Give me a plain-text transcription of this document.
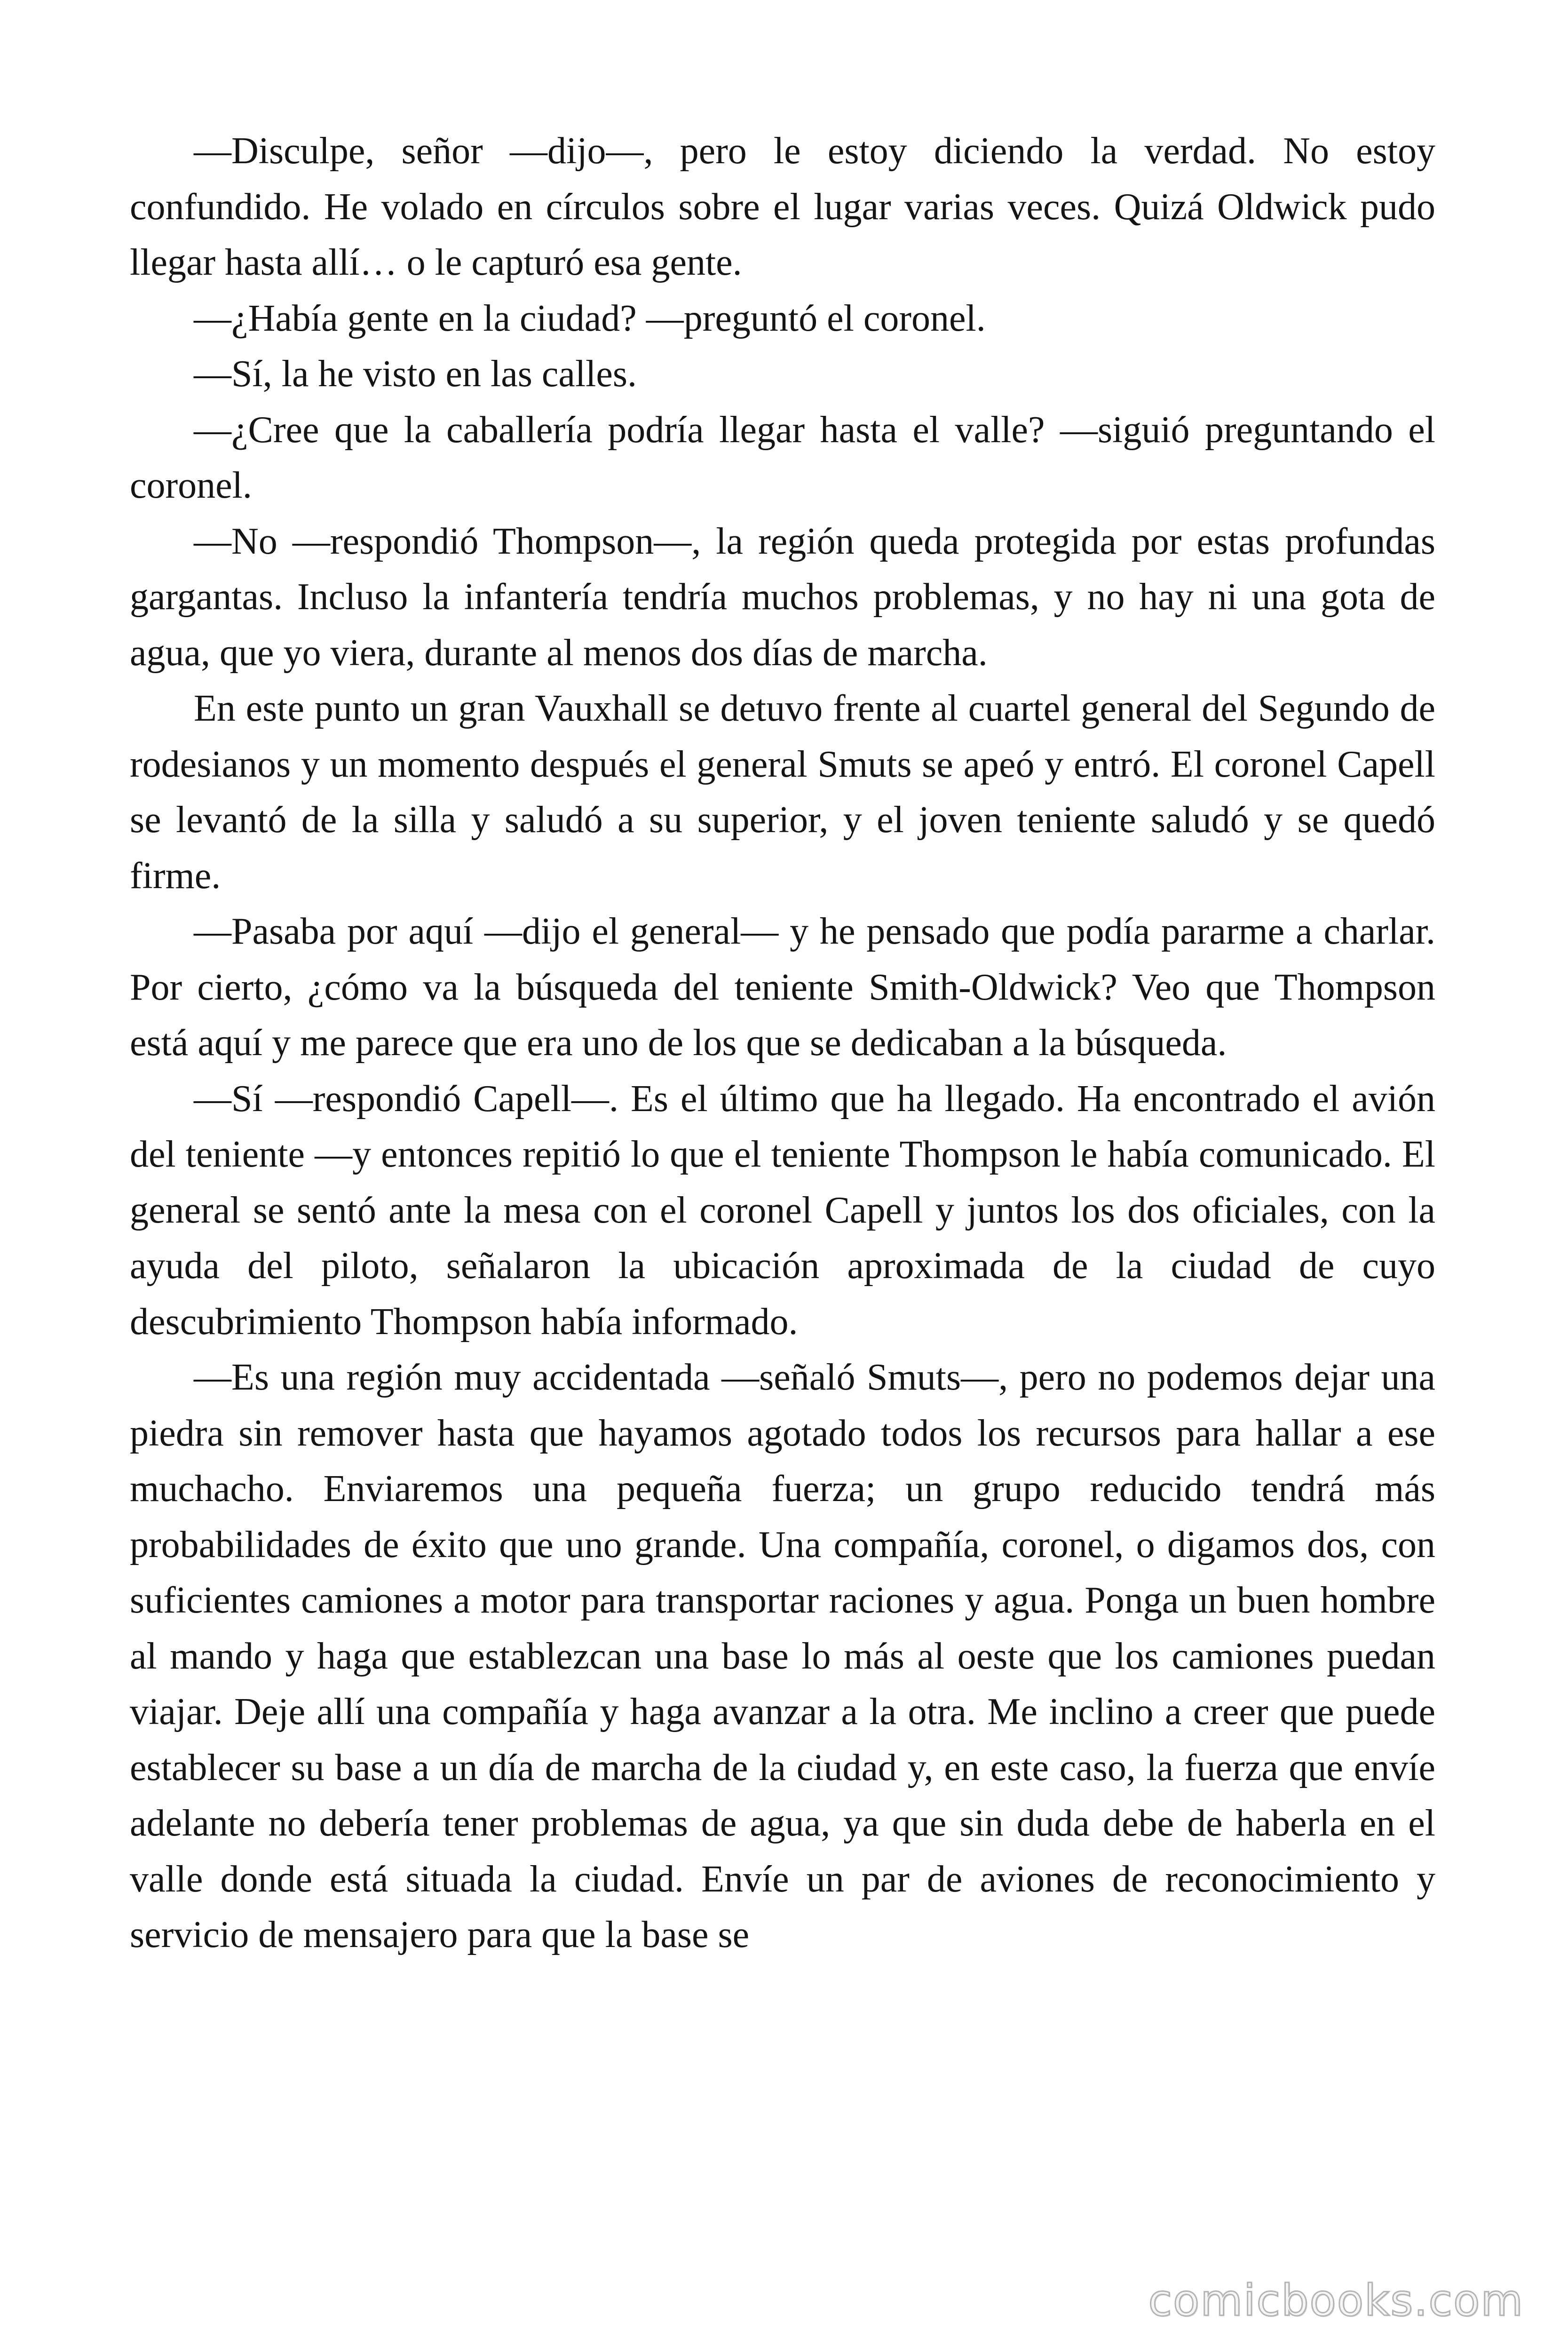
—Disculpe, señor —dijo—, pero le estoy diciendo la verdad. No estoy confundido. He volado en círculos sobre el lugar varias veces. Quizá Oldwick pudo llegar hasta allí… o le capturó esa gente.

—¿Había gente en la ciudad? —preguntó el coronel.

—Sí, la he visto en las calles.

—¿Cree que la caballería podría llegar hasta el valle? —siguió preguntando el coronel.

—No —respondió Thompson—, la región queda protegida por estas profundas gargantas. Incluso la infantería tendría muchos problemas, y no hay ni una gota de agua, que yo viera, durante al menos dos días de marcha.

En este punto un gran Vauxhall se detuvo frente al cuartel general del Segundo de rodesianos y un momento después el general Smuts se apeó y entró. El coronel Capell se levantó de la silla y saludó a su superior, y el joven teniente saludó y se quedó firme.

—Pasaba por aquí —dijo el general— y he pensado que podía pararme a charlar. Por cierto, ¿cómo va la búsqueda del teniente Smith-Oldwick? Veo que Thompson está aquí y me parece que era uno de los que se dedicaban a la búsqueda.

—Sí —respondió Capell—. Es el último que ha llegado. Ha encontrado el avión del teniente —y entonces repitió lo que el teniente Thompson le había comunicado. El general se sentó ante la mesa con el coronel Capell y juntos los dos oficiales, con la ayuda del piloto, señalaron la ubicación aproximada de la ciudad de cuyo descubrimiento Thompson había informado.

—Es una región muy accidentada —señaló Smuts—, pero no podemos dejar una piedra sin remover hasta que hayamos agotado todos los recursos para hallar a ese muchacho. Enviaremos una pequeña fuerza; un grupo reducido tendrá más probabilidades de éxito que uno grande. Una compañía, coronel, o digamos dos, con suficientes camiones a motor para transportar raciones y agua. Ponga un buen hombre al mando y haga que establezcan una base lo más al oeste que los camiones puedan viajar. Deje allí una compañía y haga avanzar a la otra. Me inclino a creer que puede establecer su base a un día de marcha de la ciudad y, en este caso, la fuerza que envíe adelante no debería tener problemas de agua, ya que sin duda debe de haberla en el valle donde está situada la ciudad. Envíe un par de aviones de reconocimiento y servicio de mensajero para que la base se

comicbooks.com
